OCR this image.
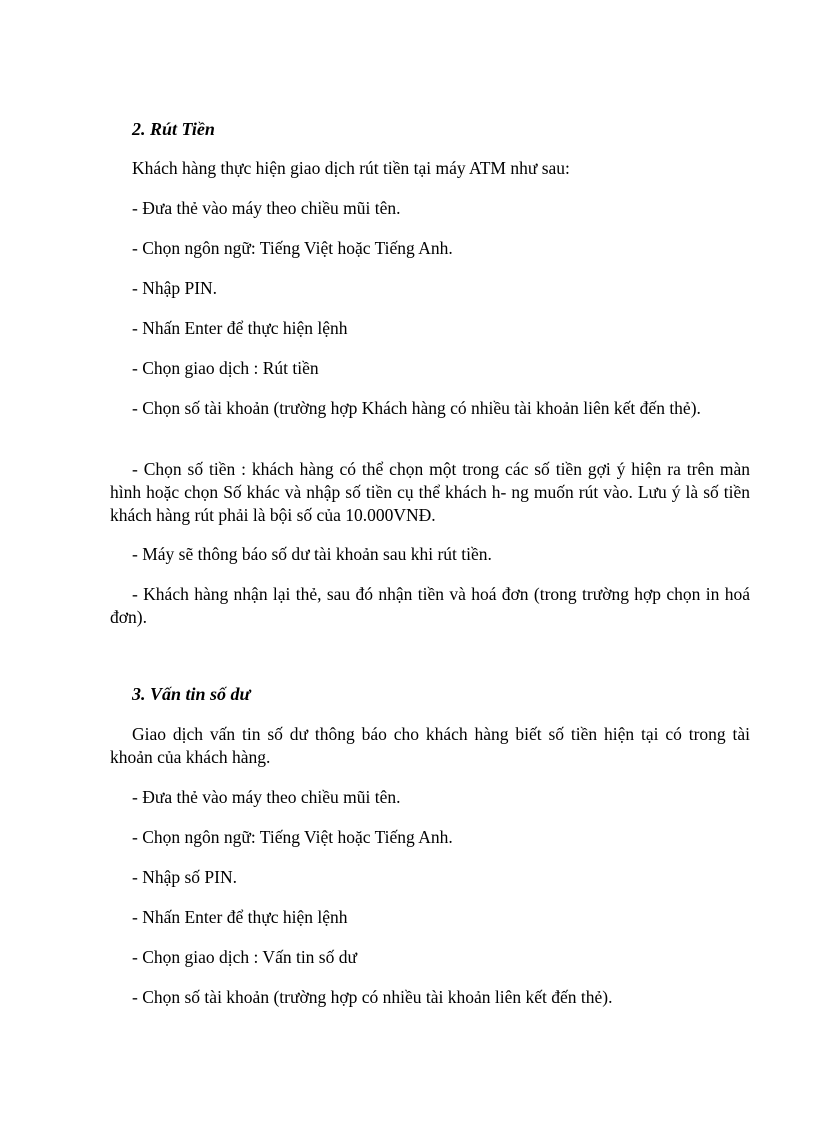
2. Rút Tiền
Khách hàng thực hiện giao dịch rút tiền tại máy ATM như sau:
- Đưa thẻ vào máy theo chiều mũi tên.
- Chọn ngôn ngữ: Tiếng Việt hoặc Tiếng Anh.
- Nhập PIN.
- Nhấn Enter để thực hiện lệnh
- Chọn giao dịch : Rút tiền
- Chọn số tài khoản (trường hợp Khách hàng có nhiều tài khoản liên kết đến thẻ).
- Chọn số tiền : khách hàng có thể chọn một trong các số tiền gợi ý hiện ra trên màn hình hoặc chọn Số khác và nhập số tiền cụ thể khách h- ng muốn rút vào. Lưu ý là số tiền khách hàng rút phải là bội số của 10.000VNĐ.
- Máy sẽ thông báo số dư tài khoản sau khi rút tiền.
- Khách hàng nhận lại thẻ, sau đó nhận tiền và hoá đơn (trong trường hợp chọn in hoá đơn).
3. Vấn tin số dư
Giao dịch vấn tin số dư thông báo cho khách hàng biết số tiền hiện tại có trong tài khoản của khách hàng.
- Đưa thẻ vào máy theo chiều mũi tên.
- Chọn ngôn ngữ: Tiếng Việt hoặc Tiếng Anh.
- Nhập số PIN.
- Nhấn Enter để thực hiện lệnh
- Chọn giao dịch : Vấn tin số dư
- Chọn số tài khoản (trường hợp có nhiều tài khoản liên kết đến thẻ).
